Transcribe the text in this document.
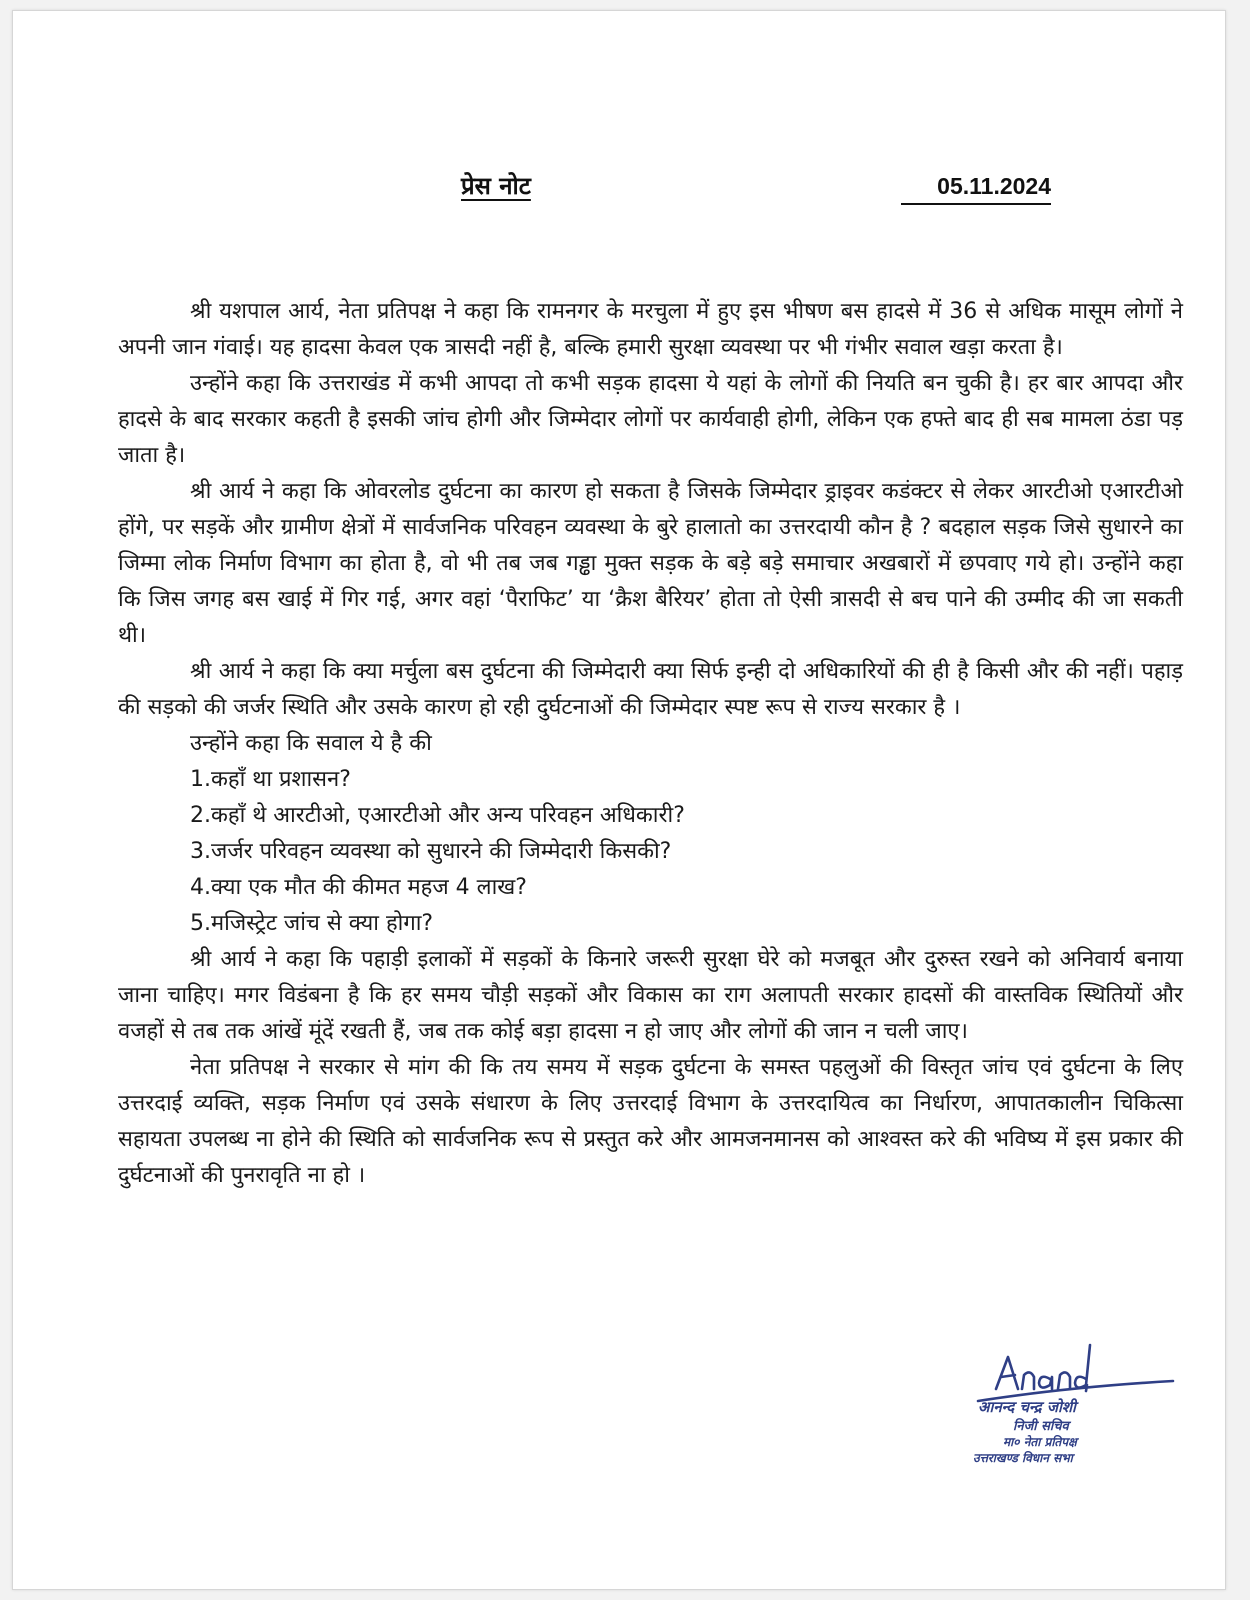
प्रेस नोट	05.11.2024

श्री यशपाल आर्य, नेता प्रतिपक्ष ने कहा कि रामनगर के मरचुला में हुए इस भीषण बस हादसे में 36 से अधिक मासूम लोगों ने अपनी जान गंवाई। यह हादसा केवल एक त्रासदी नहीं है, बल्कि हमारी सुरक्षा व्यवस्था पर भी गंभीर सवाल खड़ा करता है।

उन्होंने कहा कि उत्तराखंड में कभी आपदा तो कभी सड़क हादसा ये यहां के लोगों की नियति बन चुकी है। हर बार आपदा और हादसे के बाद सरकार कहती है इसकी जांच होगी और जिम्मेदार लोगों पर कार्यवाही होगी, लेकिन एक हफ्ते बाद ही सब मामला ठंडा पड़ जाता है।

श्री आर्य ने कहा कि ओवरलोड दुर्घटना का कारण हो सकता है जिसके जिम्मेदार ड्राइवर कडंक्टर से लेकर आरटीओ एआरटीओ होंगे, पर सड़कें और ग्रामीण क्षेत्रों में सार्वजनिक परिवहन व्यवस्था के बुरे हालातो का उत्तरदायी कौन है ? बदहाल सड़क जिसे सुधारने का जिम्मा लोक निर्माण विभाग का होता है, वो भी तब जब गड्ढा मुक्त सड़क के बड़े बड़े समाचार अखबारों में छपवाए गये हो। उन्होंने कहा कि जिस जगह बस खाई में गिर गई, अगर वहां ‘पैराफिट’ या ‘क्रैश बैरियर’ होता तो ऐसी त्रासदी से बच पाने की उम्मीद की जा सकती थी।

श्री आर्य ने कहा कि क्या मर्चुला बस दुर्घटना की जिम्मेदारी क्या सिर्फ इन्ही दो अधिकारियों की ही है किसी और की नहीं। पहाड़ की सड़को की जर्जर स्थिति और उसके कारण हो रही दुर्घटनाओं की जिम्मेदार स्पष्ट रूप से राज्य सरकार है ।

उन्होंने कहा कि सवाल ये है की

1.कहाँ था प्रशासन?
2.कहाँ थे आरटीओ, एआरटीओ और अन्य परिवहन अधिकारी?
3.जर्जर परिवहन व्यवस्था को सुधारने की जिम्मेदारी किसकी?
4.क्या एक मौत की कीमत महज 4 लाख?
5.मजिस्ट्रेट जांच से क्या होगा?

श्री आर्य ने कहा कि पहाड़ी इलाकों में सड़कों के किनारे जरूरी सुरक्षा घेरे को मजबूत और दुरुस्त रखने को अनिवार्य बनाया जाना चाहिए। मगर विडंबना है कि हर समय चौड़ी सड़कों और विकास का राग अलापती सरकार हादसों की वास्तविक स्थितियों और वजहों से तब तक आंखें मूंदें रखती हैं, जब तक कोई बड़ा हादसा न हो जाए और लोगों की जान न चली जाए।

नेता प्रतिपक्ष ने सरकार से मांग की कि तय समय में सड़क दुर्घटना के समस्त पहलुओं की विस्तृत जांच एवं दुर्घटना के लिए उत्तरदाई व्यक्ति, सड़क निर्माण एवं उसके संधारण के लिए उत्तरदाई विभाग के उत्तरदायित्व का निर्धारण, आपातकालीन चिकित्सा सहायता उपलब्ध ना होने की स्थिति को सार्वजनिक रूप से प्रस्तुत करे और आमजनमानस को आश्वस्त करे की भविष्य में इस प्रकार की दुर्घटनाओं की पुनरावृति ना हो ।

आनन्द चन्द्र जोशी
निजी सचिव
मा० नेता प्रतिपक्ष
उत्तराखण्ड विधान सभा
